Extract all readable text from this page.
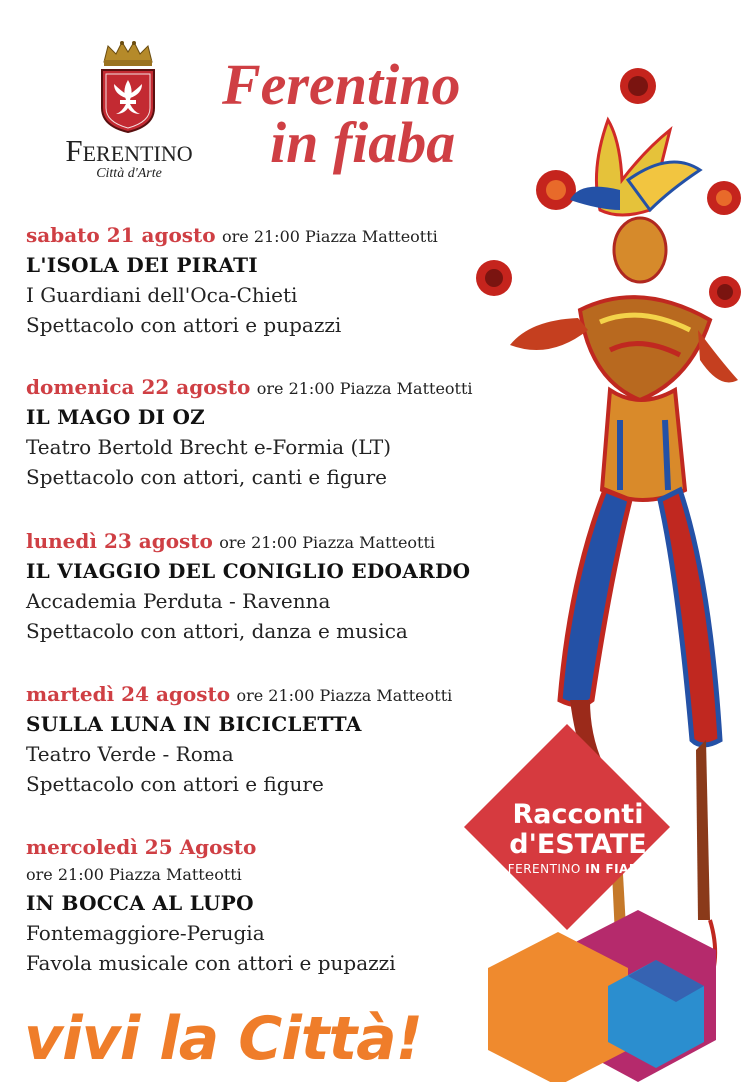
Ferentino
Città d'Arte
Ferentino
in fiaba
Racconti
d'ESTATE
FERENTINO IN FIABA
sabato 21 agosto ore 21:00 Piazza Matteotti
L'ISOLA DEI PIRATI
I Guardiani dell'Oca-Chieti
Spettacolo con attori e pupazzi
domenica 22 agosto ore 21:00 Piazza Matteotti
IL MAGO DI OZ
Teatro Bertold Brecht e-Formia (LT)
Spettacolo con attori, canti e figure
lunedì 23 agosto ore 21:00 Piazza Matteotti
IL VIAGGIO DEL CONIGLIO EDOARDO
Accademia Perduta - Ravenna
Spettacolo con attori, danza e musica
martedì 24 agosto ore 21:00 Piazza Matteotti
SULLA LUNA IN BICICLETTA
Teatro Verde - Roma
Spettacolo con attori e figure
mercoledì 25 Agosto
ore 21:00 Piazza Matteotti
IN BOCCA AL LUPO
Fontemaggiore-Perugia
Favola musicale con attori e pupazzi
vivi la Città!
